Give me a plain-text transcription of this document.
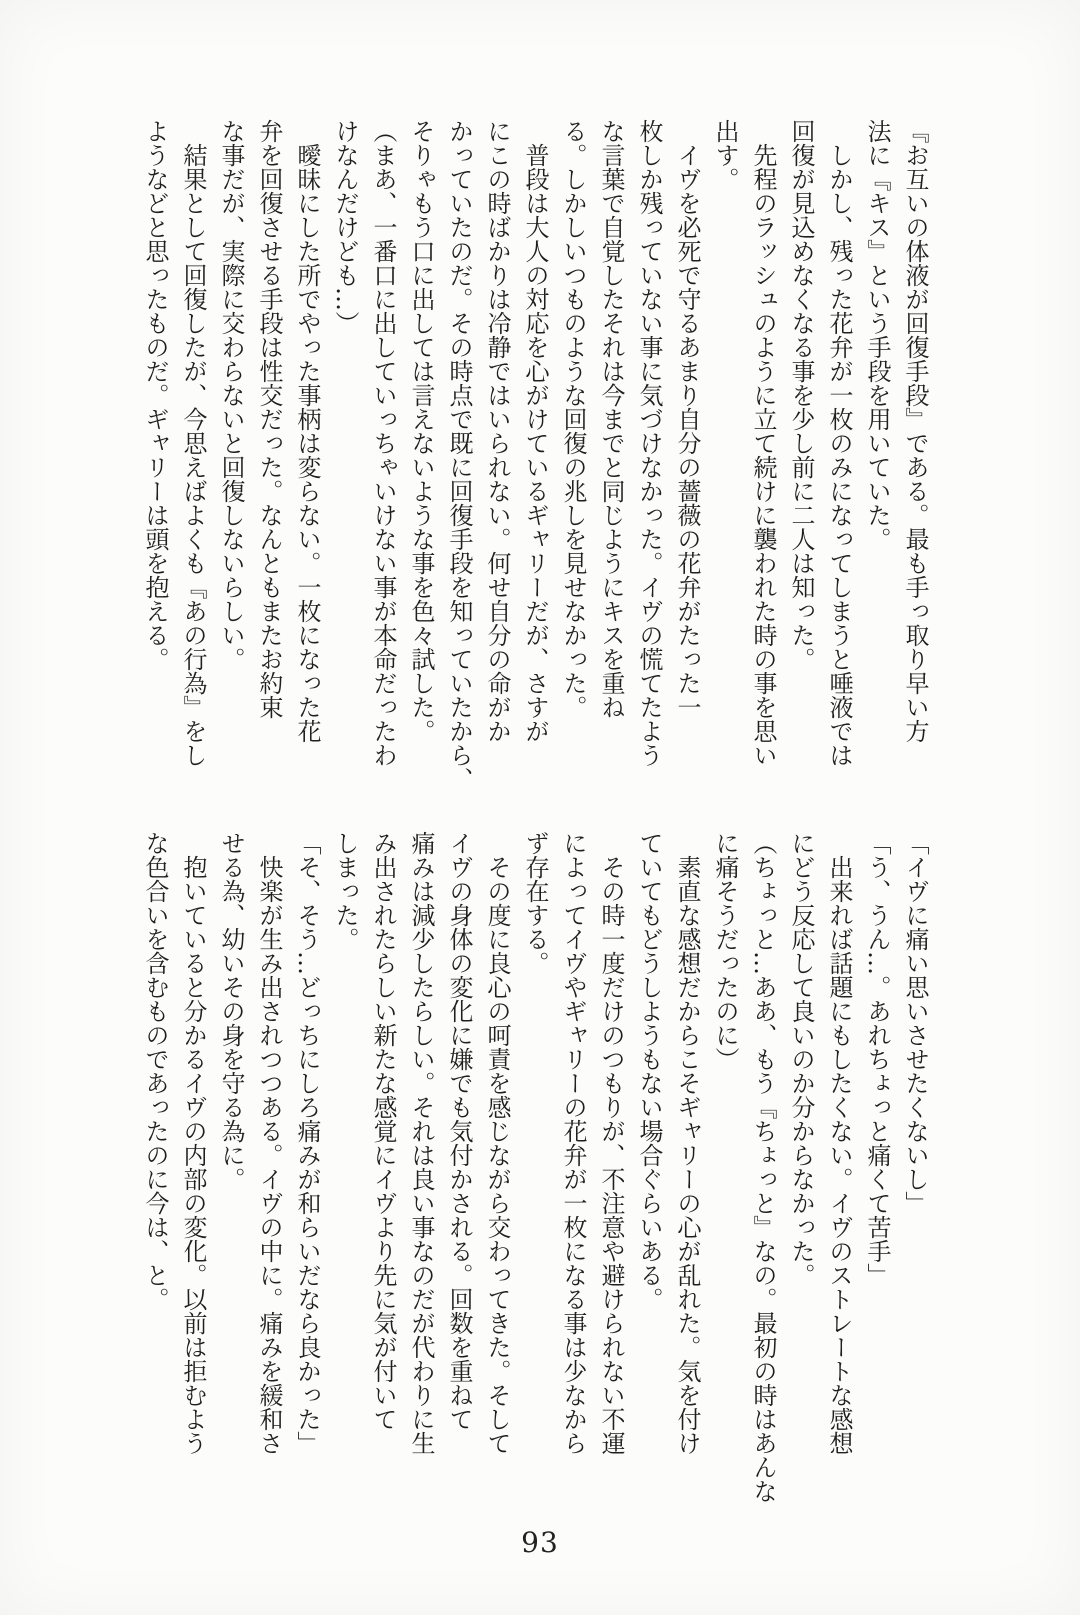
『お互いの体液が回復手段』である。最も手っ取り早い方
法に『キス』という手段を用いていた。
　しかし、残った花弁が一枚のみになってしまうと唾液では
回復が見込めなくなる事を少し前に二人は知った。
　先程のラッシュのように立て続けに襲われた時の事を思い
出す。
　イヴを必死で守るあまり自分の薔薇の花弁がたった一
枚しか残っていない事に気づけなかった。イヴの慌てたよう
な言葉で自覚したそれは今までと同じようにキスを重ね
る。しかしいつものような回復の兆しを見せなかった。
　普段は大人の対応を心がけているギャリーだが、さすが
にこの時ばかりは冷静ではいられない。何せ自分の命がか
かっていたのだ。その時点で既に回復手段を知っていたから、
そりゃもう口に出しては言えないような事を色々試した。
（まあ、一番口に出していっちゃいけない事が本命だったわ
けなんだけども…）
　曖昧にした所でやった事柄は変らない。一枚になった花
弁を回復させる手段は性交だった。なんともまたお約束
な事だが、実際に交わらないと回復しないらしい。
　結果として回復したが、今思えばよくも『あの行為』をし
ようなどと思ったものだ。ギャリーは頭を抱える。
「イヴに痛い思いさせたくないし」
「う、うん…。あれちょっと痛くて苦手」
　出来れば話題にもしたくない。イヴのストレートな感想
にどう反応して良いのか分からなかった。
（ちょっと…ああ、もう『ちょっと』なの。最初の時はあんな
に痛そうだったのに）
　素直な感想だからこそギャリーの心が乱れた。気を付け
ていてもどうしようもない場合ぐらいある。
　その時一度だけのつもりが、不注意や避けられない不運
によってイヴやギャリーの花弁が一枚になる事は少なから
ず存在する。
　その度に良心の呵責を感じながら交わってきた。そして
イヴの身体の変化に嫌でも気付かされる。回数を重ねて
痛みは減少したらしい。それは良い事なのだが代わりに生
み出されたらしい新たな感覚にイヴより先に気が付いて
しまった。
「そ、そう…どっちにしろ痛みが和らいだなら良かった」
　快楽が生み出されつつある。イヴの中に。痛みを緩和さ
せる為、幼いその身を守る為に。
　抱いていると分かるイヴの内部の変化。以前は拒むよう
な色合いを含むものであったのに今は、と。
93
